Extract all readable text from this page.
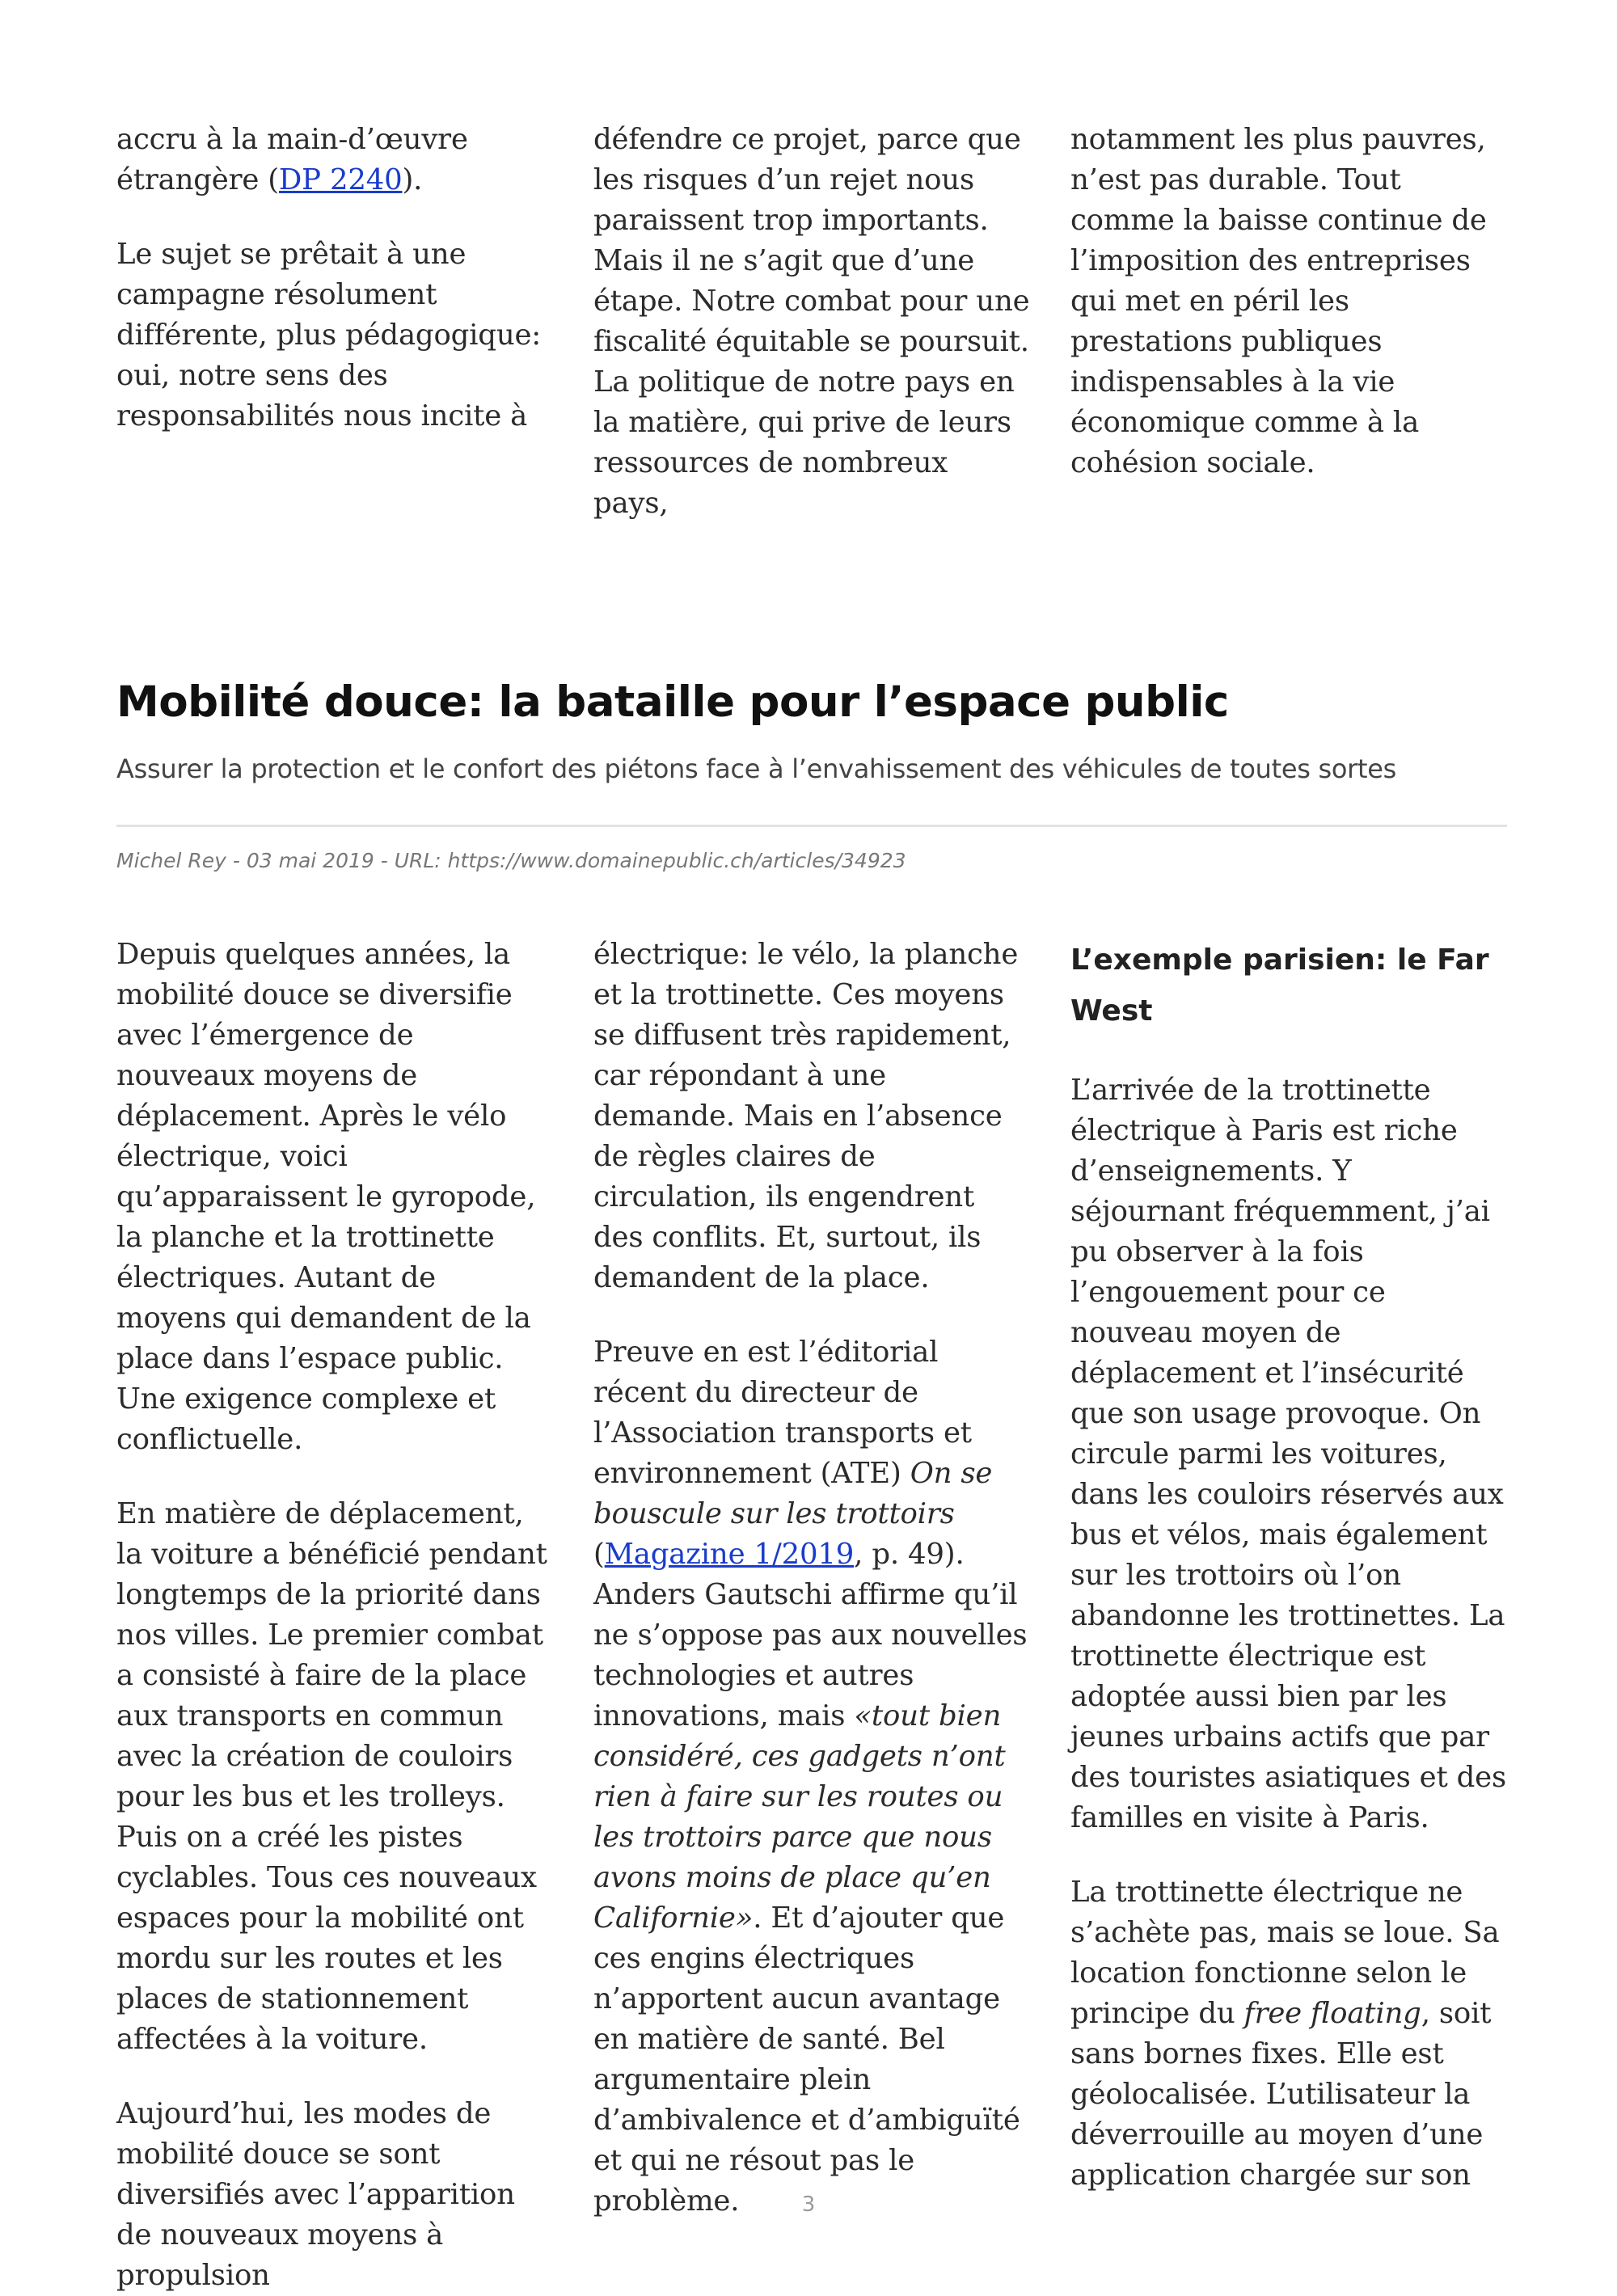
accru à la main-d’œuvre étrangère (DP 2240).

Le sujet se prêtait à une campagne résolument différente, plus pédagogique: oui, notre sens des responsabilités nous incite à

défendre ce projet, parce que les risques d’un rejet nous paraissent trop importants. Mais il ne s’agit que d’une étape. Notre combat pour une fiscalité équitable se poursuit. La politique de notre pays en la matière, qui prive de leurs ressources de nombreux pays,

notamment les plus pauvres, n’est pas durable. Tout comme la baisse continue de l’imposition des entreprises qui met en péril les prestations publiques indispensables à la vie économique comme à la cohésion sociale.

Mobilité douce: la bataille pour l’espace public

Assurer la protection et le confort des piétons face à l’envahissement des véhicules de toutes sortes

Michel Rey - 03 mai 2019 - URL: https://www.domainepublic.ch/articles/34923

Depuis quelques années, la mobilité douce se diversifie avec l’émergence de nouveaux moyens de déplacement. Après le vélo électrique, voici qu’apparaissent le gyropode, la planche et la trottinette électriques. Autant de moyens qui demandent de la place dans l’espace public. Une exigence complexe et conflictuelle.

En matière de déplacement, la voiture a bénéficié pendant longtemps de la priorité dans nos villes. Le premier combat a consisté à faire de la place aux transports en commun avec la création de couloirs pour les bus et les trolleys. Puis on a créé les pistes cyclables. Tous ces nouveaux espaces pour la mobilité ont mordu sur les routes et les places de stationnement affectées à la voiture.

Aujourd’hui, les modes de mobilité douce se sont diversifiés avec l’apparition de nouveaux moyens à propulsion

électrique: le vélo, la planche et la trottinette. Ces moyens se diffusent très rapidement, car répondant à une demande. Mais en l’absence de règles claires de circulation, ils engendrent des conflits. Et, surtout, ils demandent de la place.

Preuve en est l’éditorial récent du directeur de l’Association transports et environnement (ATE) On se bouscule sur les trottoirs (Magazine 1/2019, p. 49). Anders Gautschi affirme qu’il ne s’oppose pas aux nouvelles technologies et autres innovations, mais «tout bien considéré, ces gadgets n’ont rien à faire sur les routes ou les trottoirs parce que nous avons moins de place qu’en Californie». Et d’ajouter que ces engins électriques n’apportent aucun avantage en matière de santé. Bel argumentaire plein d’ambivalence et d’ambiguïté et qui ne résout pas le problème.

L’exemple parisien: le Far West

L’arrivée de la trottinette électrique à Paris est riche d’enseignements. Y séjournant fréquemment, j’ai pu observer à la fois l’engouement pour ce nouveau moyen de déplacement et l’insécurité que son usage provoque. On circule parmi les voitures, dans les couloirs réservés aux bus et vélos, mais également sur les trottoirs où l’on abandonne les trottinettes. La trottinette électrique est adoptée aussi bien par les jeunes urbains actifs que par des touristes asiatiques et des familles en visite à Paris.

La trottinette électrique ne s’achète pas, mais se loue. Sa location fonctionne selon le principe du free floating, soit sans bornes fixes. Elle est géolocalisée. L’utilisateur la déverrouille au moyen d’une application chargée sur son

3
